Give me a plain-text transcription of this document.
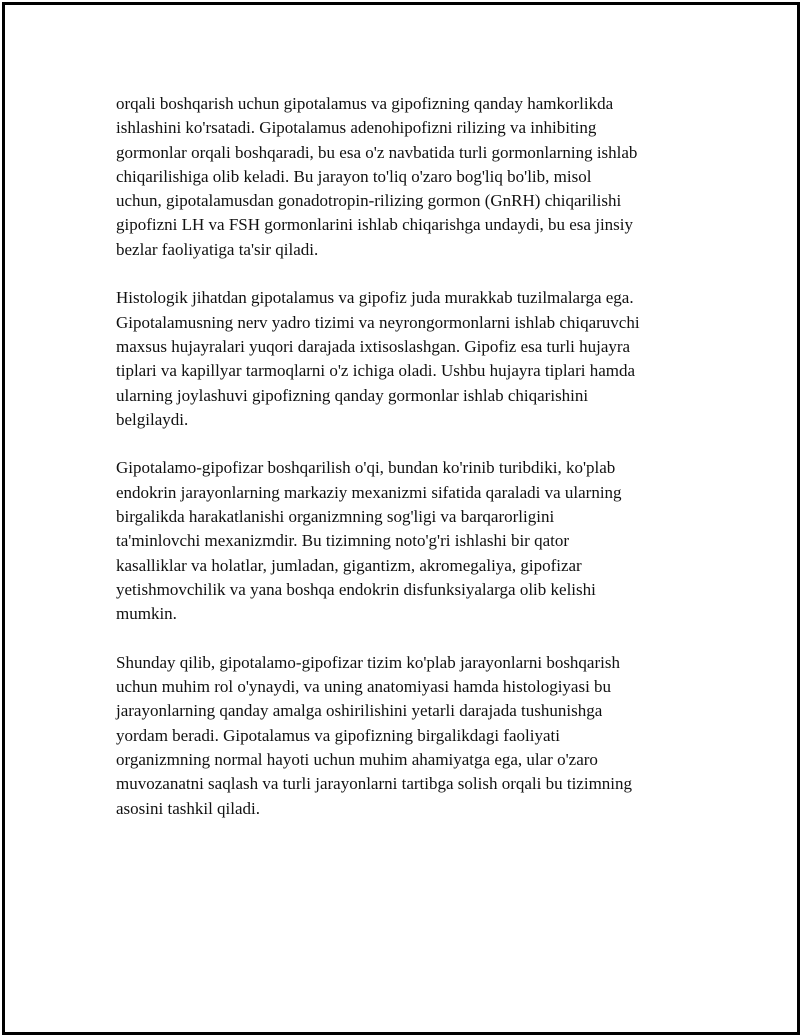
orqali boshqarish uchun gipotalamus va gipofizning qanday hamkorlikda
ishlashini ko'rsatadi. Gipotalamus adenohipofizni rilizing va inhibiting
gormonlar orqali boshqaradi, bu esa o'z navbatida turli gormonlarning ishlab
chiqarilishiga olib keladi. Bu jarayon to'liq o'zaro bog'liq bo'lib, misol
uchun, gipotalamusdan gonadotropin-rilizing gormon (GnRH) chiqarilishi
gipofizni LH va FSH gormonlarini ishlab chiqarishga undaydi, bu esa jinsiy
bezlar faoliyatiga ta'sir qiladi.

Histologik jihatdan gipotalamus va gipofiz juda murakkab tuzilmalarga ega.
Gipotalamusning nerv yadro tizimi va neyrongormonlarni ishlab chiqaruvchi
maxsus hujayralari yuqori darajada ixtisoslashgan. Gipofiz esa turli hujayra
tiplari va kapillyar tarmoqlarni o'z ichiga oladi. Ushbu hujayra tiplari hamda
ularning joylashuvi gipofizning qanday gormonlar ishlab chiqarishini
belgilaydi.

Gipotalamo-gipofizar boshqarilish o'qi, bundan ko'rinib turibdiki, ko'plab
endokrin jarayonlarning markaziy mexanizmi sifatida qaraladi va ularning
birgalikda harakatlanishi organizmning sog'ligi va barqarorligini
ta'minlovchi mexanizmdir. Bu tizimning noto'g'ri ishlashi bir qator
kasalliklar va holatlar, jumladan, gigantizm, akromegaliya, gipofizar
yetishmovchilik va yana boshqa endokrin disfunksiyalarga olib kelishi
mumkin.

Shunday qilib, gipotalamo-gipofizar tizim ko'plab jarayonlarni boshqarish
uchun muhim rol o'ynaydi, va uning anatomiyasi hamda histologiyasi bu
jarayonlarning qanday amalga oshirilishini yetarli darajada tushunishga
yordam beradi. Gipotalamus va gipofizning birgalikdagi faoliyati
organizmning normal hayoti uchun muhim ahamiyatga ega, ular o'zaro
muvozanatni saqlash va turli jarayonlarni tartibga solish orqali bu tizimning
asosini tashkil qiladi.
